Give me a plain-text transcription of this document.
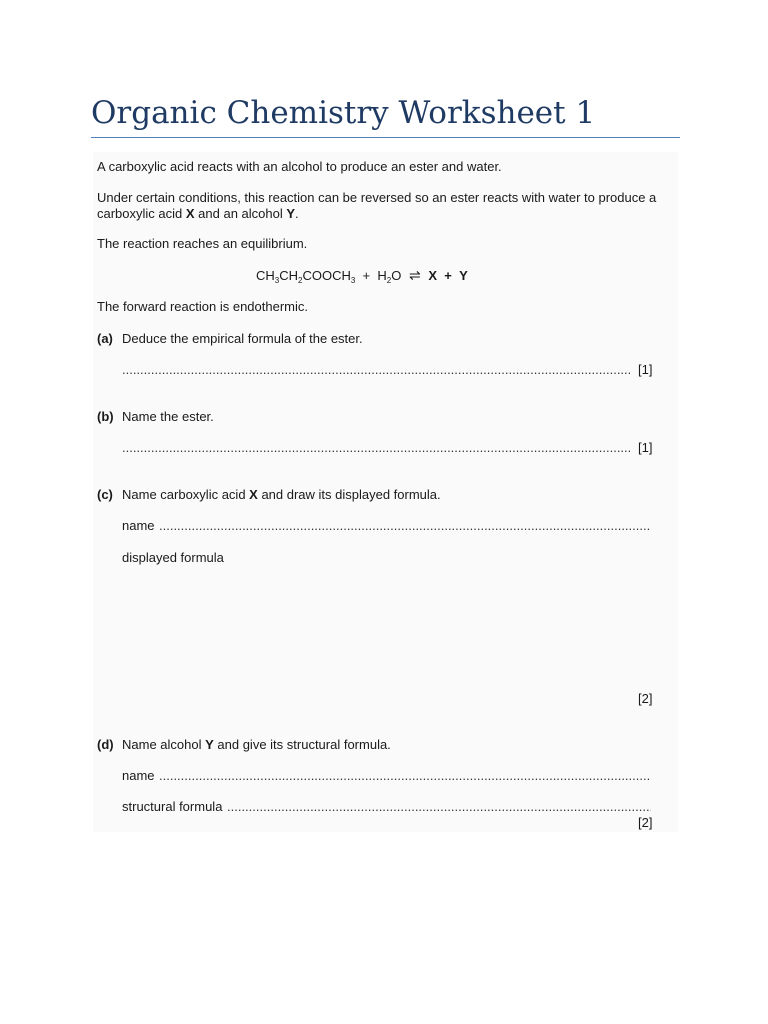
Organic Chemistry Worksheet 1

A carboxylic acid reacts with an alcohol to produce an ester and water.

Under certain conditions, this reaction can be reversed so an ester reacts with water to produce a

carboxylic acid X and an alcohol Y.

The reaction reaches an equilibrium.

$CH_3CH_2COOCH_3 + H_2O$ ⇌ X + Y

The forward reaction is endothermic.

(a) Deduce the empirical formula of the ester.

.....
[1]
(b) Name the ester.

.....
[1]
(c) Name carboxylic acid X and draw its displayed formula.

name

.....

displayed formula

[2]
(d) Name alcohol Y and give its structural formula.

name

.....

structural formula

.....
[2]
